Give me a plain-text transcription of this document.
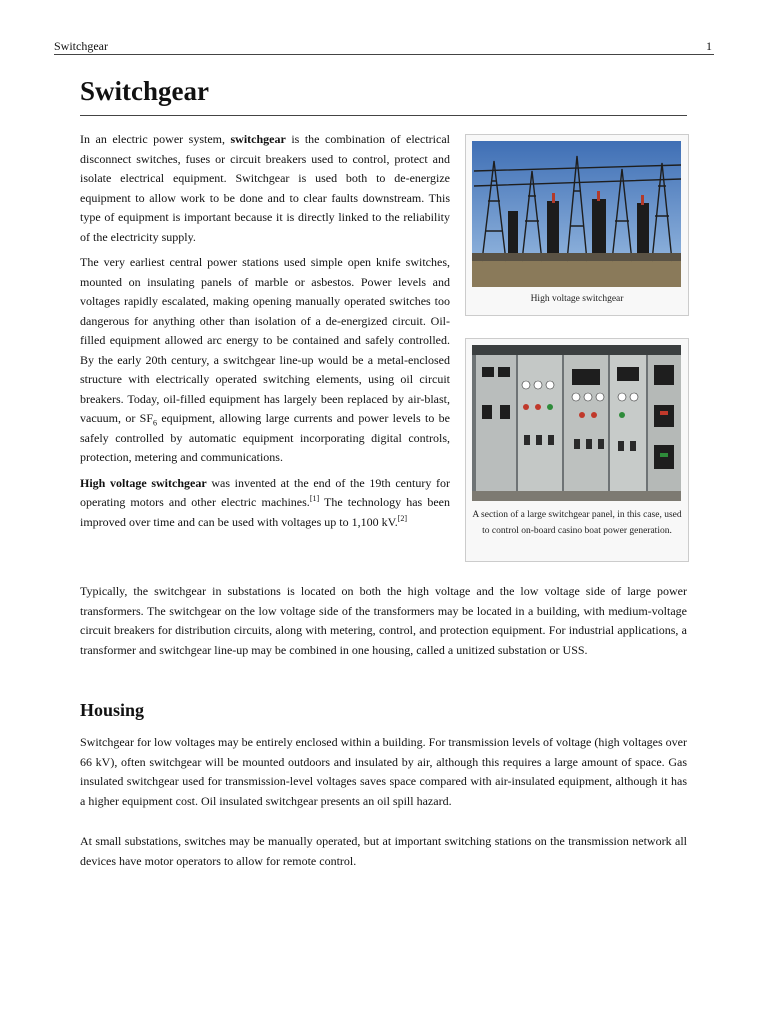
Switchgear	1
Switchgear

In an electric power system, switchgear is the combination of electrical disconnect switches, fuses or circuit breakers used to control, protect and isolate electrical equipment. Switchgear is used both to de-energize equipment to allow work to be done and to clear faults downstream. This type of equipment is important because it is directly linked to the reliability of the electricity supply.

The very earliest central power stations used simple open knife switches, mounted on insulating panels of marble or asbestos. Power levels and voltages rapidly escalated, making opening manually operated switches too dangerous for anything other than isolation of a de-energized circuit. Oil-filled equipment allowed arc energy to be contained and safely controlled. By the early 20th century, a switchgear line-up would be a metal-enclosed structure with electrically operated switching elements, using oil circuit breakers. Today, oil-filled equipment has largely been replaced by air-blast, vacuum, or $SF_6$ equipment, allowing large currents and power levels to be safely controlled by automatic equipment incorporating digital controls, protection, metering and communications.

High voltage switchgear was invented at the end of the 19th century for operating motors and other electric machines.[1] The technology has been improved over time and can be used with voltages up to 1,100 kV.[2]

Typically, the switchgear in substations is located on both the high voltage and the low voltage side of large power transformers. The switchgear on the low voltage side of the transformers may be located in a building, with medium-voltage circuit breakers for distribution circuits, along with metering, control, and protection equipment. For industrial applications, a transformer and switchgear line-up may be combined in one housing, called a unitized substation or USS.

Housing

Switchgear for low voltages may be entirely enclosed within a building. For transmission levels of voltage (high voltages over 66 kV), often switchgear will be mounted outdoors and insulated by air, although this requires a large amount of space. Gas insulated switchgear used for transmission-level voltages saves space compared with air-insulated equipment, although it has a higher equipment cost. Oil insulated switchgear presents an oil spill hazard.

At small substations, switches may be manually operated, but at important switching stations on the transmission network all devices have motor operators to allow for remote control.

High voltage switchgear
A section of a large switchgear panel, in this case, used to control on-board casino boat power generation.
